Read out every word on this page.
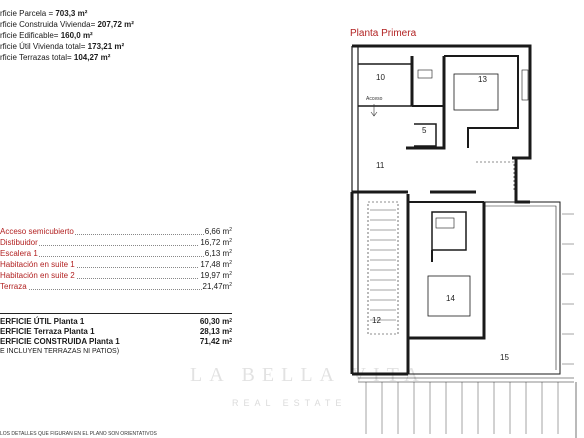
rficie Parcela = 703,3 m²
rficie Construida Vivienda= 207,72 m²
rficie Edificable= 160,0 m²
rficie Útil Vivienda total= 173,21 m²
rficie Terrazas total= 104,27 m²
Acceso semicubierto	6,66 $m^2$
Distibuidor	16,72 $m^2$
Escalera 1	6,13 $m^2$
Habitación en suite 1	17,48 $m^2$
Habitación en suite 2	19,97 $m^2$
Terraza	$21,47m^2$
ERFICIE ÚTIL Planta 1	60,30 $m^2$
ERFICIE Terraza Planta 1	28,13 $m^2$
ERFICIE CONSTRUIDA Planta 1	71,42 $m^2$
E INCLUYEN TERRAZAS NI PATIOS)
LOS DETALLES QUE FIGURAN EN EL PLANO SON ORIENTATIVOS
LA BELLA VITA
REAL ESTATE
Planta Primera
10	13
5
11
14
12
15
Acceso
